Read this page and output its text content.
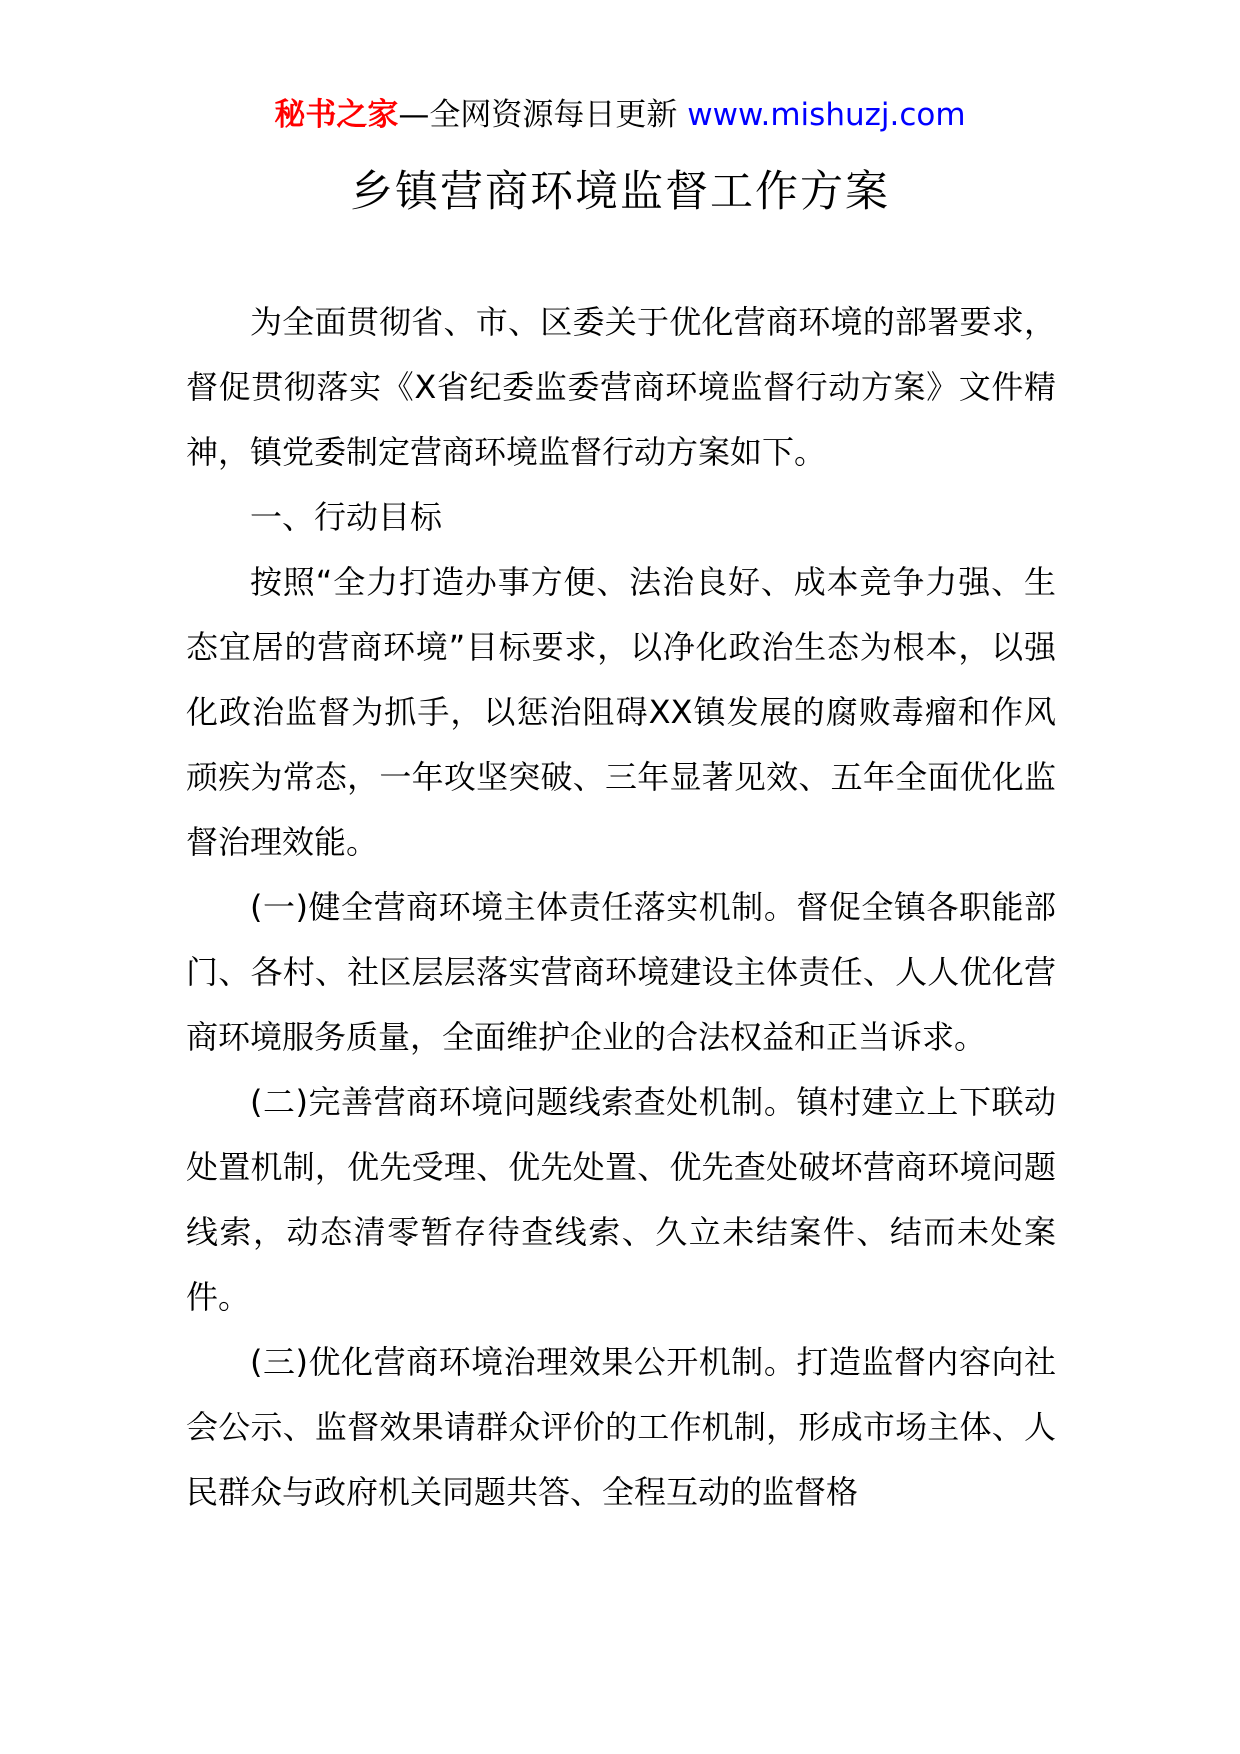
秘书之家—全网资源每日更新 www.mishuzj.com
乡镇营商环境监督工作方案

为全面贯彻省、市、区委关于优化营商环境的部署要求，督促贯彻落实《X省纪委监委营商环境监督行动方案》文件精神，镇党委制定营商环境监督行动方案如下。

一、行动目标

按照“全力打造办事方便、法治良好、成本竞争力强、生态宜居的营商环境”目标要求，以净化政治生态为根本，以强化政治监督为抓手，以惩治阻碍XX镇发展的腐败毒瘤和作风顽疾为常态，一年攻坚突破、三年显著见效、五年全面优化监督治理效能。

(一)健全营商环境主体责任落实机制。督促全镇各职能部门、各村、社区层层落实营商环境建设主体责任、人人优化营商环境服务质量，全面维护企业的合法权益和正当诉求。

(二)完善营商环境问题线索查处机制。镇村建立上下联动处置机制，优先受理、优先处置、优先查处破坏营商环境问题线索，动态清零暂存待查线索、久立未结案件、结而未处案件。

(三)优化营商环境治理效果公开机制。打造监督内容向社会公示、监督效果请群众评价的工作机制，形成市场主体、人民群众与政府机关同题共答、全程互动的监督格
